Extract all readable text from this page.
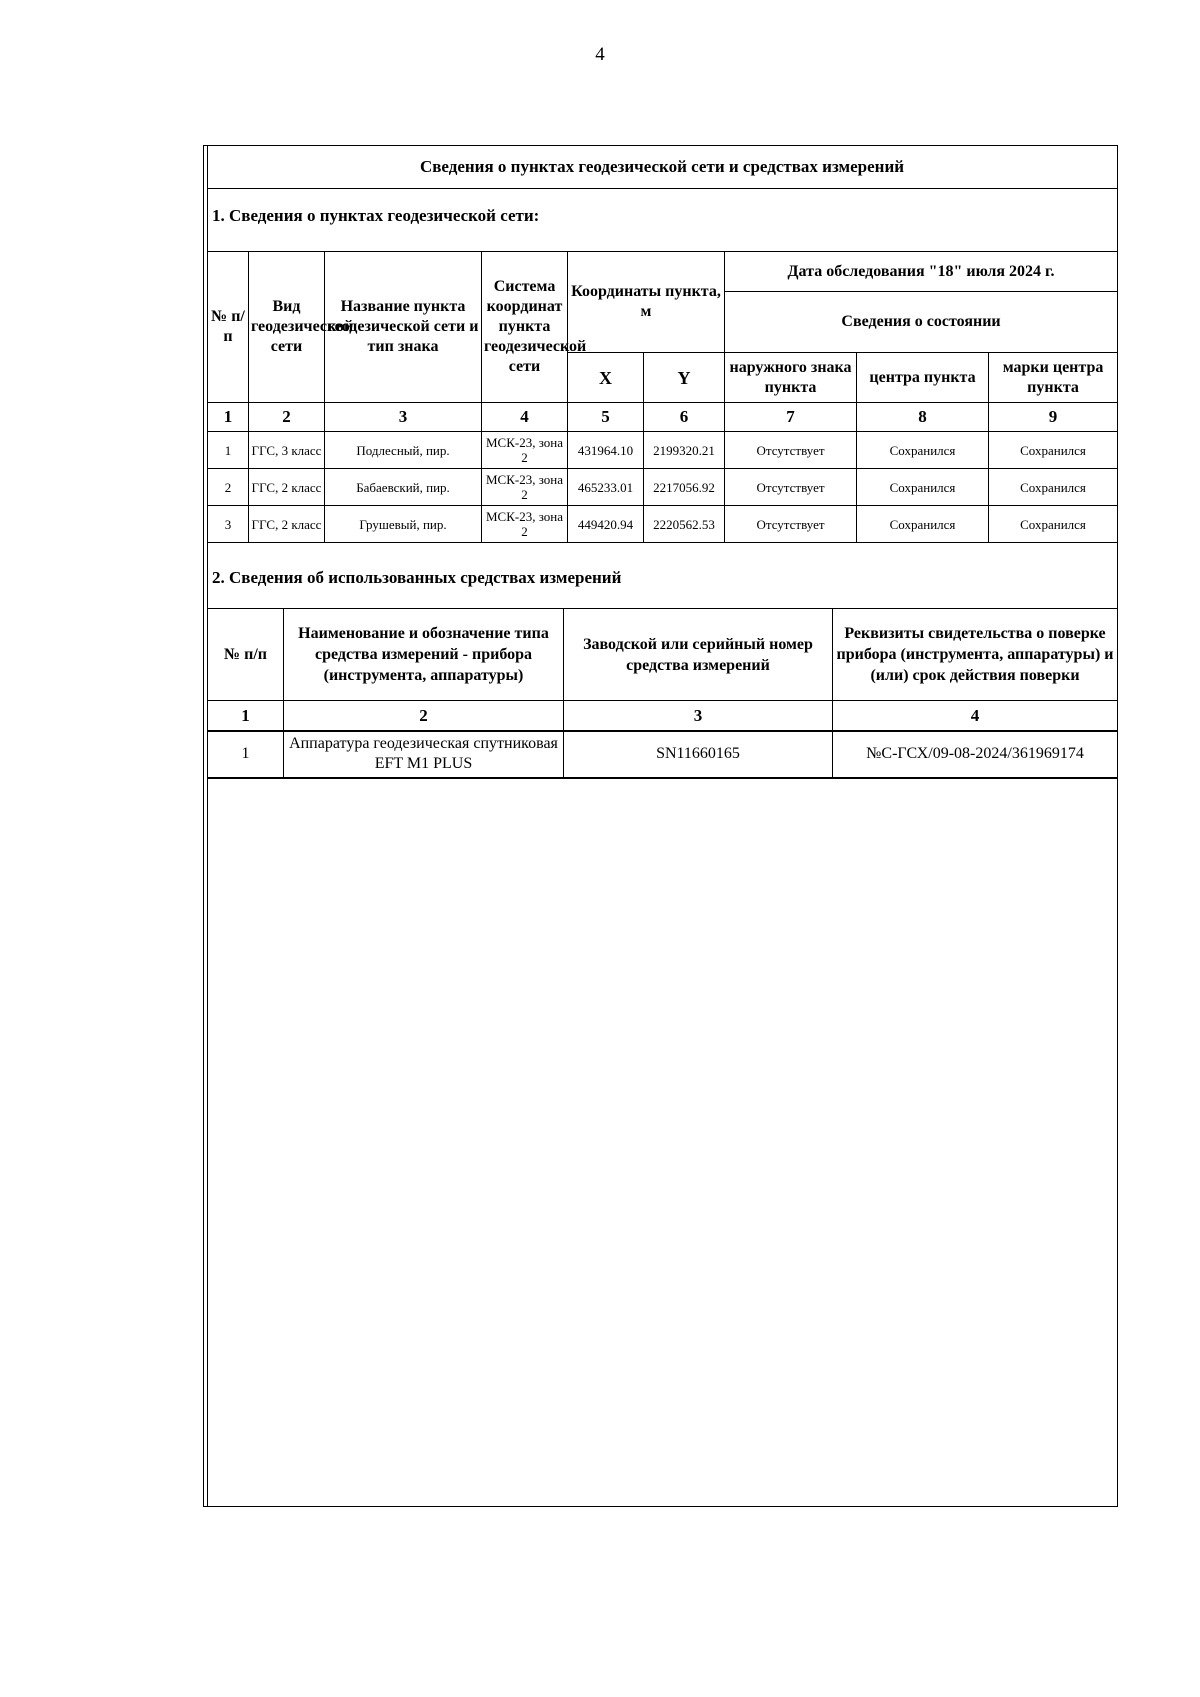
4
Сведения о пунктах геодезической сети и средствах измерений
1. Сведения о пунктах геодезической сети:
№ п/п	Вид геодезической сети	Название пункта геодезической сети и тип знака	Система координат пункта геодезической сети	Координаты пункта, м		Дата обследования "18" июля 2024 г.		
						Сведения о состоянии		
				X	Y	наружного знака пункта	центра пункта	марки центра пункта
1	2	3	4	5	6	7	8	9
1	ГГС, 3 класс	Подлесный, пир.	МСК-23, зона 2	431964.10	2199320.21	Отсутствует	Сохранился	Сохранился
2	ГГС, 2 класс	Бабаевский, пир.	МСК-23, зона 2	465233.01	2217056.92	Отсутствует	Сохранился	Сохранился
3	ГГС, 2 класс	Грушевый, пир.	МСК-23, зона 2	449420.94	2220562.53	Отсутствует	Сохранился	Сохранился
2. Сведения об использованных средствах измерений
№ п/п	Наименование и обозначение типа средства измерений - прибора (инструмента, аппаратуры)	Заводской или серийный номер средства измерений	Реквизиты свидетельства о поверке прибора (инструмента, аппаратуры) и (или) срок действия поверки
1	2	3	4
1	Аппаратура геодезическая спутниковая EFT M1 PLUS	SN11660165	№С-ГСХ/09-08-2024/361969174
